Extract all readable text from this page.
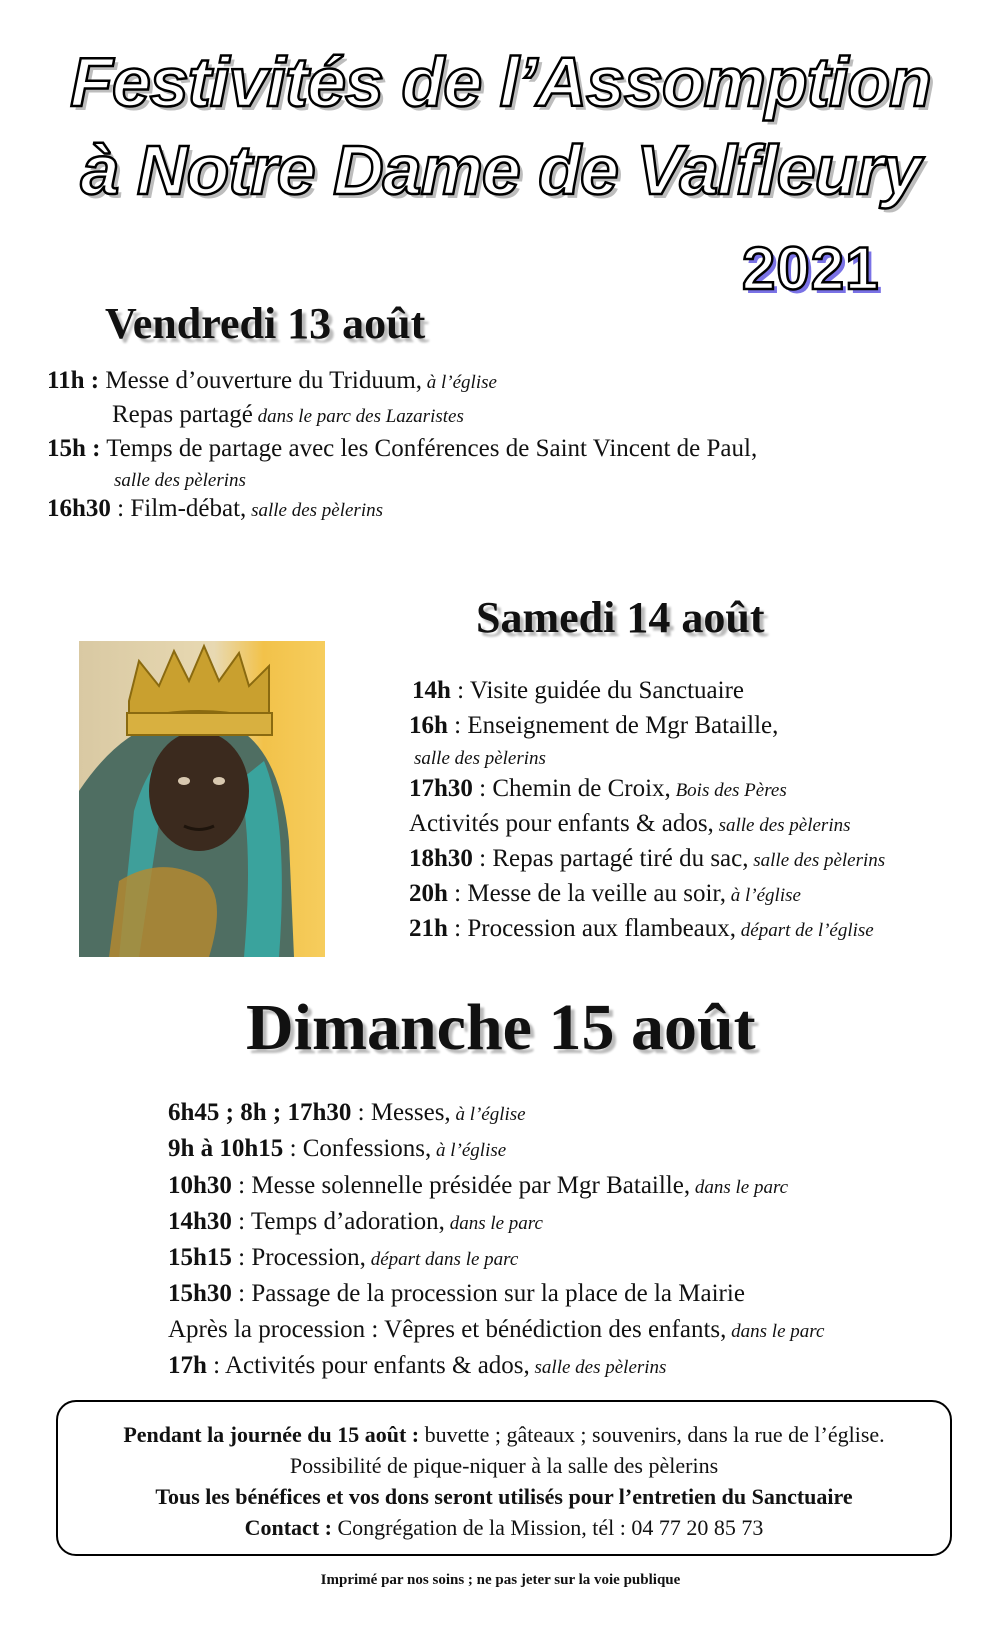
Festivités de l’Assomption
à Notre Dame de Valfleury
2021
Vendredi 13 août
11h : Messe d’ouverture du Triduum, à l’église
Repas partagé dans le parc des Lazaristes
15h : Temps de partage avec les Conférences de Saint Vincent de Paul,
salle des pèlerins
16h30 : Film-débat, salle des pèlerins
Samedi 14 août
14h : Visite guidée du Sanctuaire
16h : Enseignement de Mgr Bataille,
salle des pèlerins
17h30 : Chemin de Croix, Bois des Pères
Activités pour enfants & ados, salle des pèlerins
18h30 : Repas partagé tiré du sac, salle des pèlerins
20h : Messe de la veille au soir, à l’église
21h : Procession aux flambeaux, départ de l’église
Dimanche 15 août
6h45 ; 8h ; 17h30 : Messes, à l’église
9h à 10h15 : Confessions, à l’église
10h30 : Messe solennelle présidée par Mgr Bataille, dans le parc
14h30 : Temps d’adoration, dans le parc
15h15 : Procession, départ dans le parc
15h30 : Passage de la procession sur la place de la Mairie
Après la procession : Vêpres et bénédiction des enfants, dans le parc
17h : Activités pour enfants & ados, salle des pèlerins
Pendant la journée du 15 août : buvette ; gâteaux ; souvenirs, dans la rue de l’église.
Possibilité de pique-niquer à la salle des pèlerins
Tous les bénéfices et vos dons seront utilisés pour l’entretien du Sanctuaire
Contact : Congrégation de la Mission, tél : 04 77 20 85 73
Imprimé par nos soins ; ne pas jeter sur la voie publique
